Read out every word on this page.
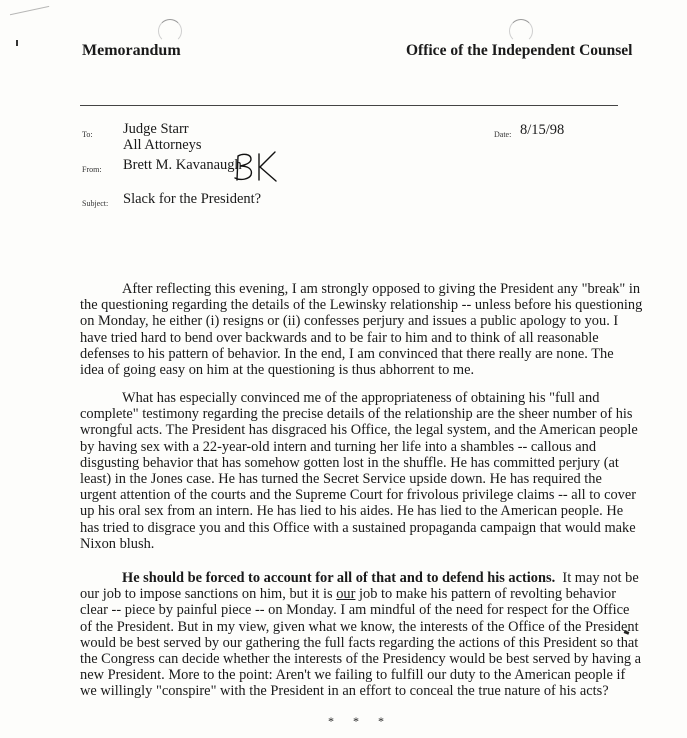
Memorandum	Office of the Independent Counsel
To: Judge Starr
All Attorneys
Date: 8/15/98
From: Brett M. Kavanaugh
Subject: Slack for the President?
After reflecting this evening, I am strongly opposed to giving the President any "break" in
the questioning regarding the details of the Lewinsky relationship -- unless before his questioning
on Monday, he either (i) resigns or (ii) confesses perjury and issues a public apology to you. I
have tried hard to bend over backwards and to be fair to him and to think of all reasonable
defenses to his pattern of behavior. In the end, I am convinced that there really are none. The
idea of going easy on him at the questioning is thus abhorrent to me.
What has especially convinced me of the appropriateness of obtaining his "full and
complete" testimony regarding the precise details of the relationship are the sheer number of his
wrongful acts. The President has disgraced his Office, the legal system, and the American people
by having sex with a 22-year-old intern and turning her life into a shambles -- callous and
disgusting behavior that has somehow gotten lost in the shuffle. He has committed perjury (at
least) in the Jones case. He has turned the Secret Service upside down. He has required the
urgent attention of the courts and the Supreme Court for frivolous privilege claims -- all to cover
up his oral sex from an intern. He has lied to his aides. He has lied to the American people. He
has tried to disgrace you and this Office with a sustained propaganda campaign that would make
Nixon blush.
He should be forced to account for all of that and to defend his actions.  It may not be
our job to impose sanctions on him, but it is our job to make his pattern of revolting behavior
clear -- piece by painful piece -- on Monday. I am mindful of the need for respect for the Office
of the President. But in my view, given what we know, the interests of the Office of the President
would be best served by our gathering the full facts regarding the actions of this President so that
the Congress can decide whether the interests of the Presidency would be best served by having a
new President. More to the point: Aren't we failing to fulfill our duty to the American people if
we willingly "conspire" with the President in an effort to conceal the true nature of his acts?
* * *
